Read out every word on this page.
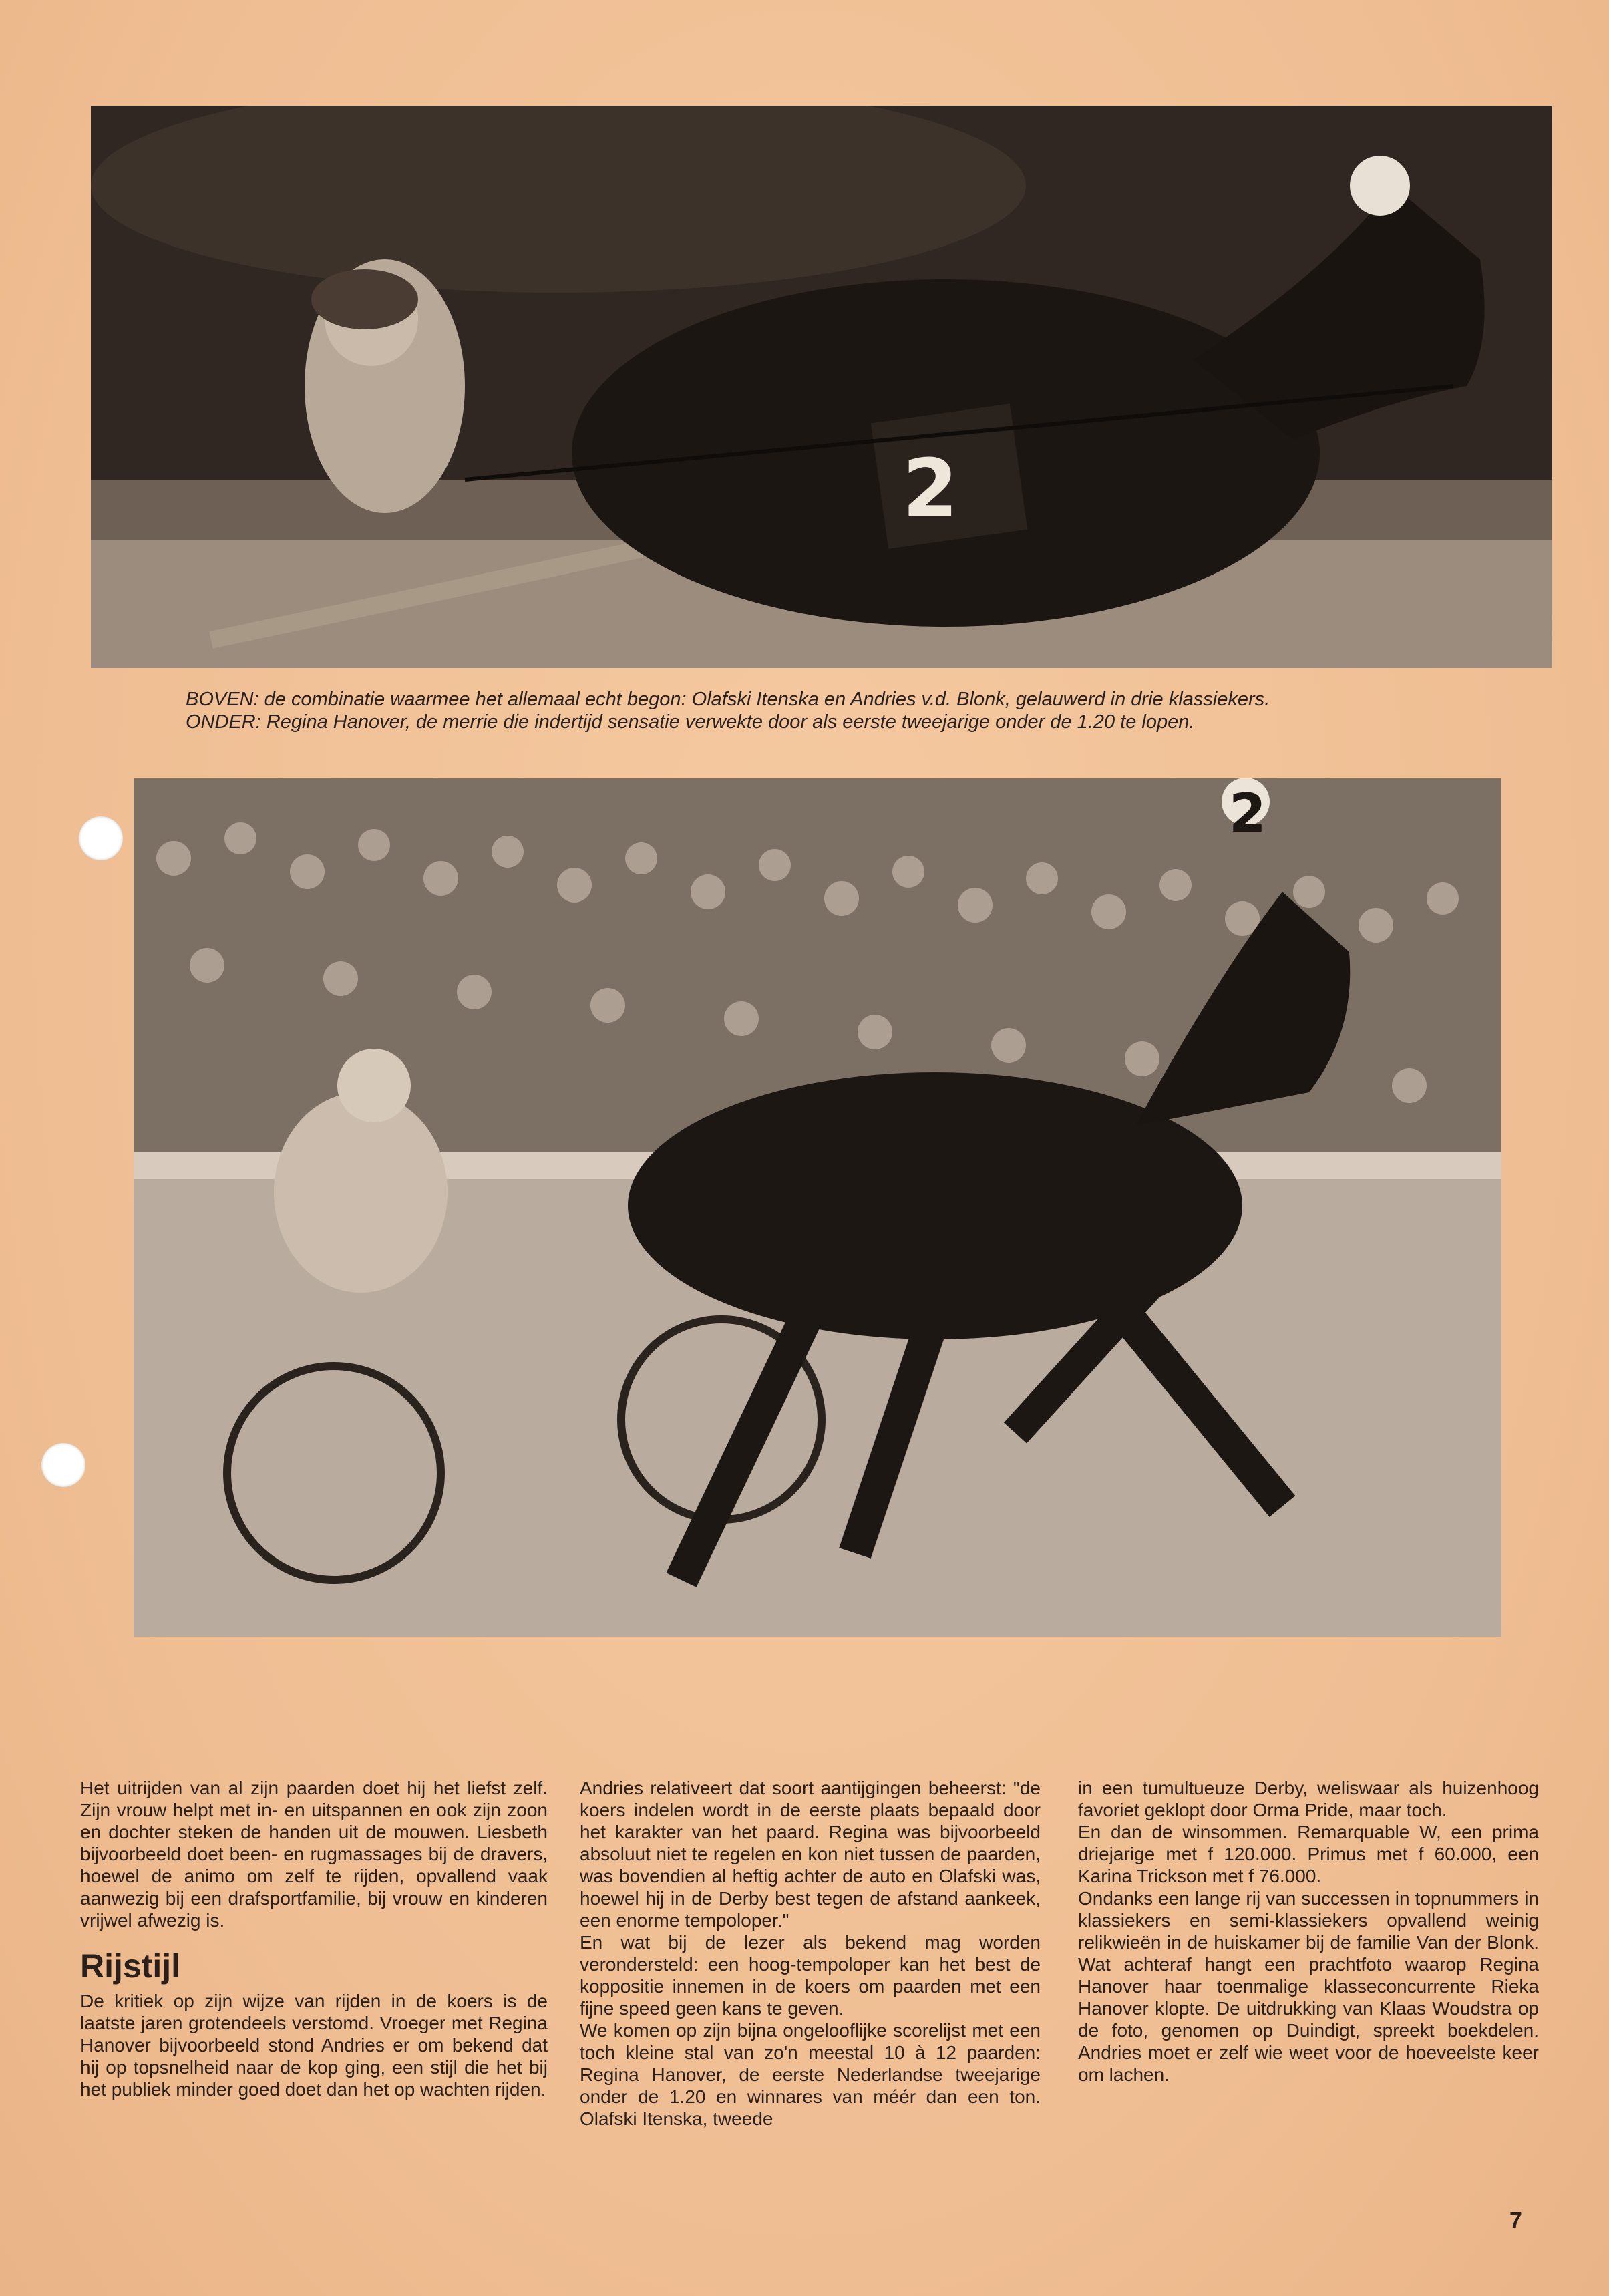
2

BOVEN: de combinatie waarmee het allemaal echt begon: Olafski Itenska en Andries v.d. Blonk, gelauwerd in drie klassiekers.

ONDER: Regina Hanover, de merrie die indertijd sensatie verwekte door als eerste tweejarige onder de 1.20 te lopen.

2

Het uitrijden van al zijn paarden doet hij het liefst zelf. Zijn vrouw helpt met in- en uitspannen en ook zijn zoon en dochter steken de handen uit de mouwen. Liesbeth bijvoorbeeld doet been- en rugmassages bij de dravers, hoewel de animo om zelf te rijden, opvallend vaak aanwezig bij een drafsportfamilie, bij vrouw en kinderen vrijwel afwezig is.

Rijstijl

De kritiek op zijn wijze van rijden in de koers is de laatste jaren grotendeels verstomd. Vroeger met Regina Hanover bijvoorbeeld stond Andries er om bekend dat hij op topsnelheid naar de kop ging, een stijl die het bij het publiek minder goed doet dan het op wachten rijden.

Andries relativeert dat soort aantijgingen beheerst: "de koers indelen wordt in de eerste plaats bepaald door het karakter van het paard. Regina was bijvoorbeeld absoluut niet te regelen en kon niet tussen de paarden, was bovendien al heftig achter de auto en Olafski was, hoewel hij in de Derby best tegen de afstand aankeek, een enorme tempoloper."

En wat bij de lezer als bekend mag worden verondersteld: een hoog-tempoloper kan het best de koppositie innemen in de koers om paarden met een fijne speed geen kans te geven.

We komen op zijn bijna ongelooflijke scorelijst met een toch kleine stal van zo'n meestal 10 à 12 paarden: Regina Hanover, de eerste Nederlandse tweejarige onder de 1.20 en winnares van méér dan een ton. Olafski Itenska, tweede

in een tumultueuze Derby, weliswaar als huizenhoog favoriet geklopt door Orma Pride, maar toch.

En dan de winsommen. Remarquable W, een prima driejarige met f 120.000. Primus met f 60.000, een Karina Trickson met f 76.000.

Ondanks een lange rij van successen in topnummers in klassiekers en semi-klassiekers opvallend weinig relikwieën in de huiskamer bij de familie Van der Blonk. Wat achteraf hangt een prachtfoto waarop Regina Hanover haar toenmalige klasseconcurrente Rieka Hanover klopte. De uitdrukking van Klaas Woudstra op de foto, genomen op Duindigt, spreekt boekdelen. Andries moet er zelf wie weet voor de hoeveelste keer om lachen.

7
